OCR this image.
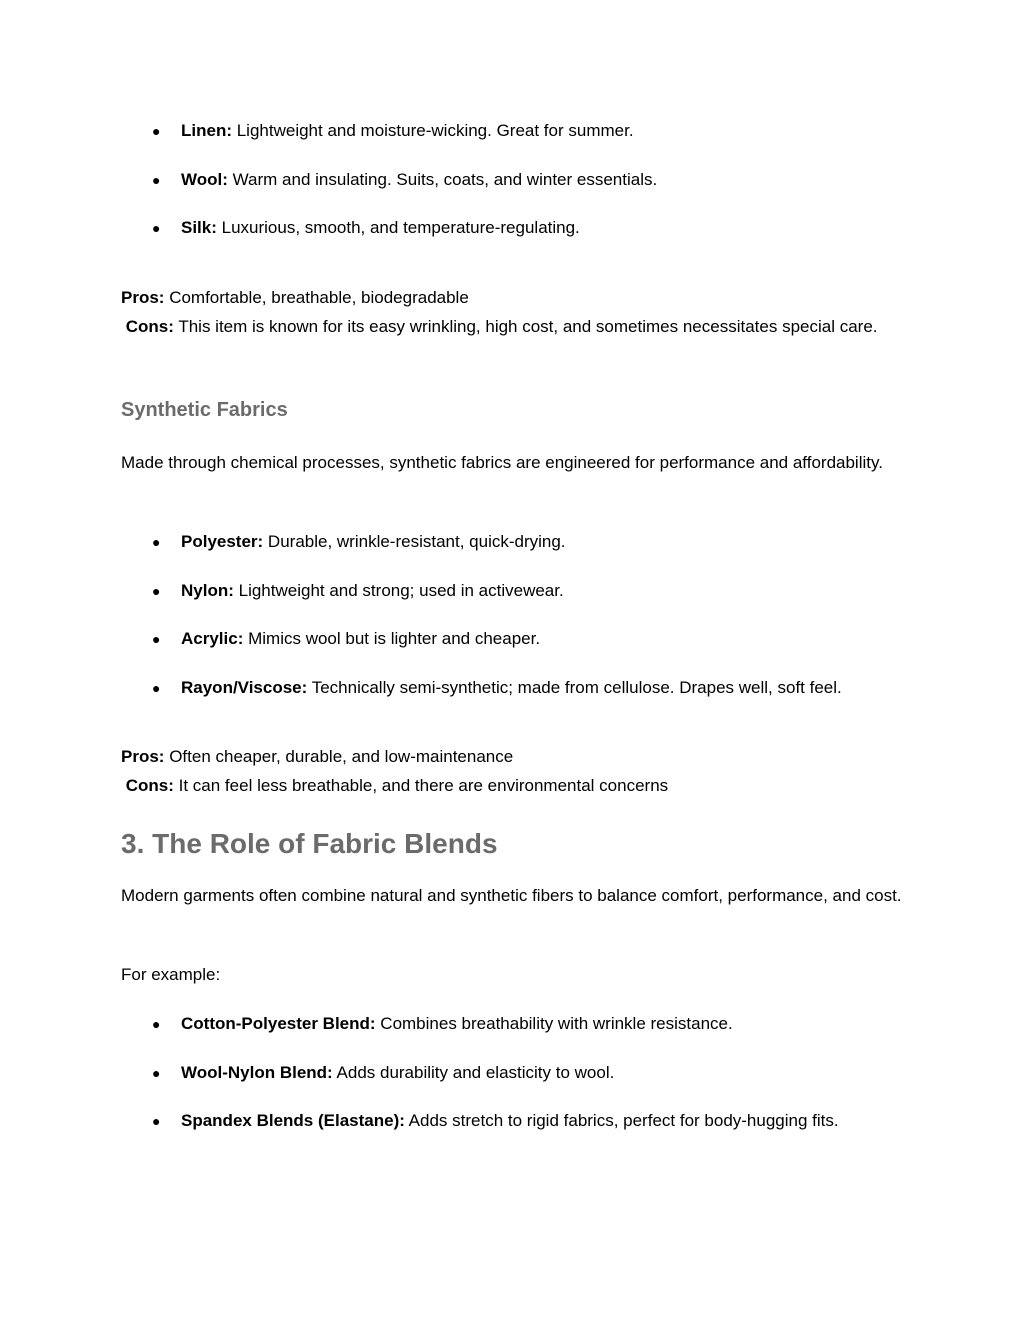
● Linen: Lightweight and moisture-wicking. Great for summer.
● Wool: Warm and insulating. Suits, coats, and winter essentials.
● Silk: Luxurious, smooth, and temperature-regulating.

Pros: Comfortable, breathable, biodegradable
Cons: This item is known for its easy wrinkling, high cost, and sometimes necessitates special care.

Synthetic Fabrics

Made through chemical processes, synthetic fabrics are engineered for performance and affordability.

● Polyester: Durable, wrinkle-resistant, quick-drying.
● Nylon: Lightweight and strong; used in activewear.
● Acrylic: Mimics wool but is lighter and cheaper.
● Rayon/Viscose: Technically semi-synthetic; made from cellulose. Drapes well, soft feel.

Pros: Often cheaper, durable, and low-maintenance
Cons: It can feel less breathable, and there are environmental concerns

3. The Role of Fabric Blends

Modern garments often combine natural and synthetic fibers to balance comfort, performance, and cost.

For example:

● Cotton-Polyester Blend: Combines breathability with wrinkle resistance.
● Wool-Nylon Blend: Adds durability and elasticity to wool.
● Spandex Blends (Elastane): Adds stretch to rigid fabrics, perfect for body-hugging fits.
